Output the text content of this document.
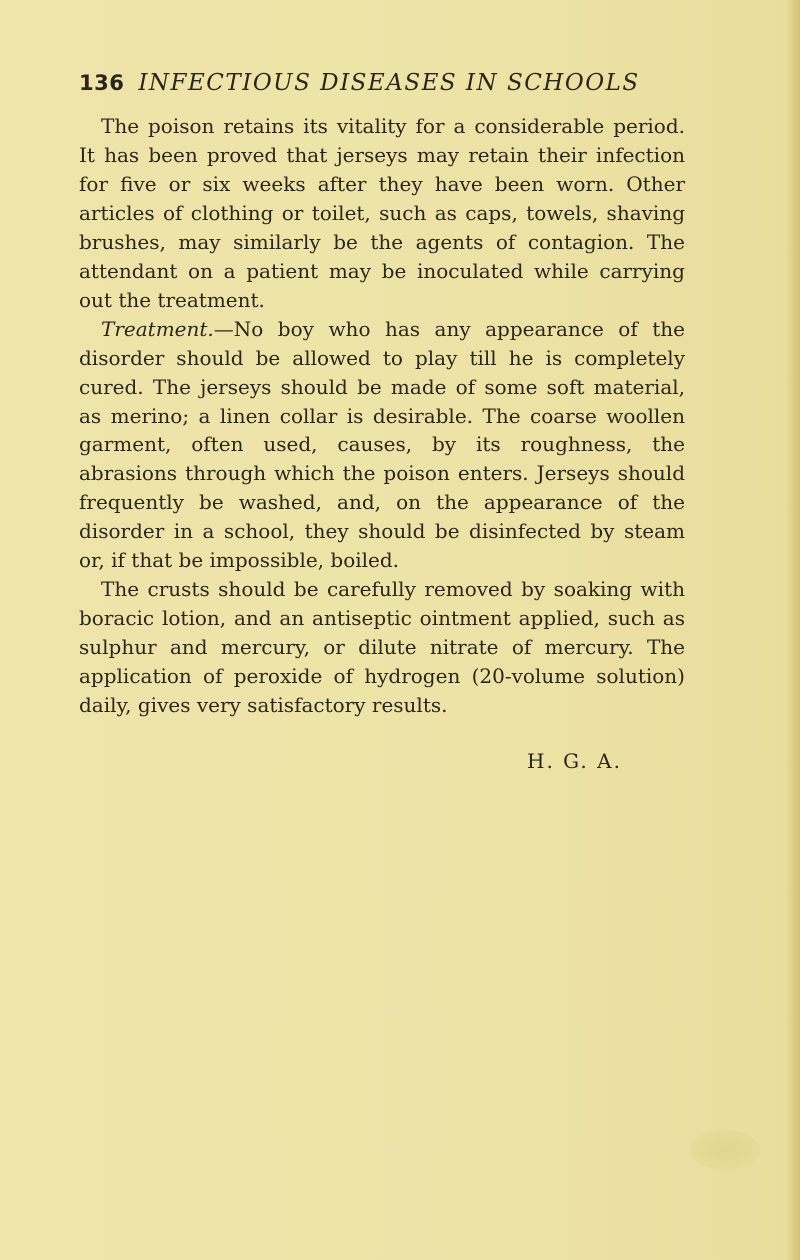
136 INFECTIOUS DISEASES IN SCHOOLS

The poison retains its vitality for a considerable period. It has been proved that jerseys may retain their infection for five or six weeks after they have been worn. Other articles of clothing or toilet, such as caps, towels, shaving brushes, may similarly be the agents of contagion. The attendant on a patient may be inoculated while carrying out the treatment.

Treatment.—No boy who has any appearance of the disorder should be allowed to play till he is completely cured. The jerseys should be made of some soft material, as merino; a linen collar is desirable. The coarse woollen garment, often used, causes, by its roughness, the abrasions through which the poison enters. Jerseys should frequently be washed, and, on the appearance of the disorder in a school, they should be disinfected by steam or, if that be impossible, boiled.

The crusts should be carefully removed by soaking with boracic lotion, and an antiseptic ointment applied, such as sulphur and mercury, or dilute nitrate of mercury. The application of peroxide of hydrogen (20-volume solution) daily, gives very satisfactory results.

H. G. A.
